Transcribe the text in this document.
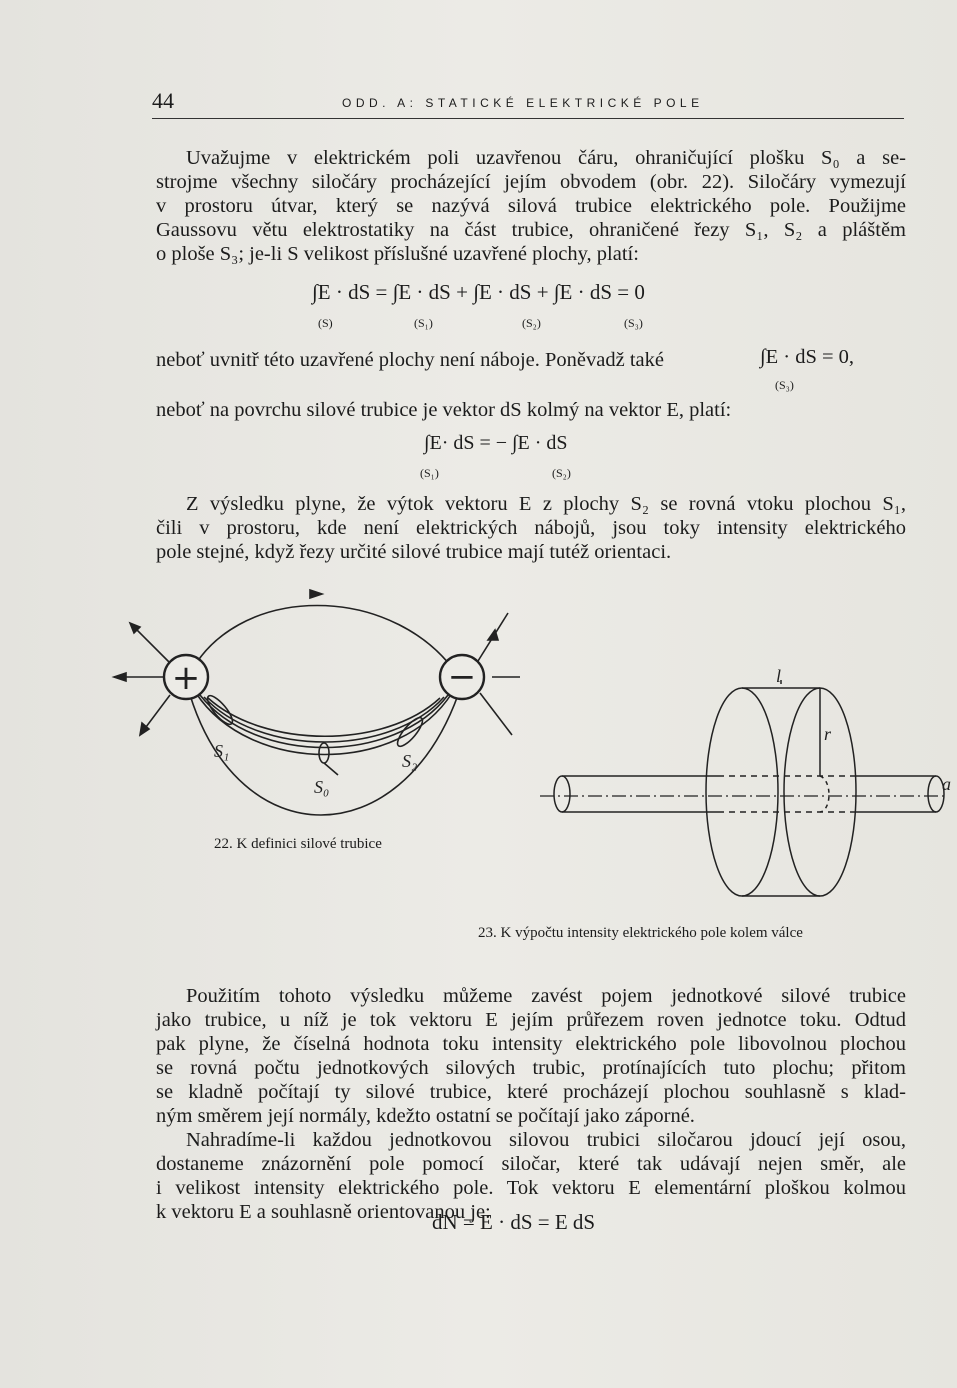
44	ODD. A: STATICKÉ ELEKTRICKÉ POLE

Uvažujme v elektrickém poli uzavřenou čáru, ohraničující plošku S₀ a se-

strojme všechny siločáry procházející jejím obvodem (obr. 22). Siločáry vymezují

v prostoru útvar, který se nazývá silová trubice elektrického pole. Použijme

Gaussovu větu elektrostatiky na část trubice, ohraničené řezy S₁, S₂ a pláštěm

o ploše S₃; je-li S velikost příslušné uzavřené plochy, platí:

∫E · dS = ∫E · dS + ∫E · dS + ∫E · dS = 0
(S)	(S₁)	(S₂)	(S₃)

neboť uvnitř této uzavřené plochy není náboje. Poněvadž také	∫E · dS = 0,
(S₃)

neboť na povrchu silové trubice je vektor dS kolmý na vektor E, platí:

∫E· dS = − ∫E · dS
(S₁)	(S₂)

Z výsledku plyne, že výtok vektoru E z plochy S₂ se rovná vtoku plochou S₁,

čili v prostoru, kde není elektrických nábojů, jsou toky intensity elektrického

pole stejné, když řezy určité silové trubice mají tutéž orientaci.

+	−
S₁	S₂
S₀
22. K definici silové trubice
l
r
a
23. K výpočtu intensity elektrického pole kolem válce

Použitím tohoto výsledku můžeme zavést pojem jednotkové silové trubice

jako trubice, u níž je tok vektoru E jejím průřezem roven jednotce toku. Odtud

pak plyne, že číselná hodnota toku intensity elektrického pole libovolnou plochou

se rovná počtu jednotkových silových trubic, protínajících tuto plochu; přitom

se kladně počítají ty silové trubice, které procházejí plochou souhlasně s klad-

ným směrem její normály, kdežto ostatní se počítají jako záporné.

Nahradíme-li každou jednotkovou silovou trubici siločarou jdoucí její osou,

dostaneme znázornění pole pomocí siločar, které tak udávají nejen směr, ale

i velikost intensity elektrického pole. Tok vektoru E elementární ploškou kolmou

k vektoru E a souhlasně orientovanou je:

dN = E · dS = E dS
